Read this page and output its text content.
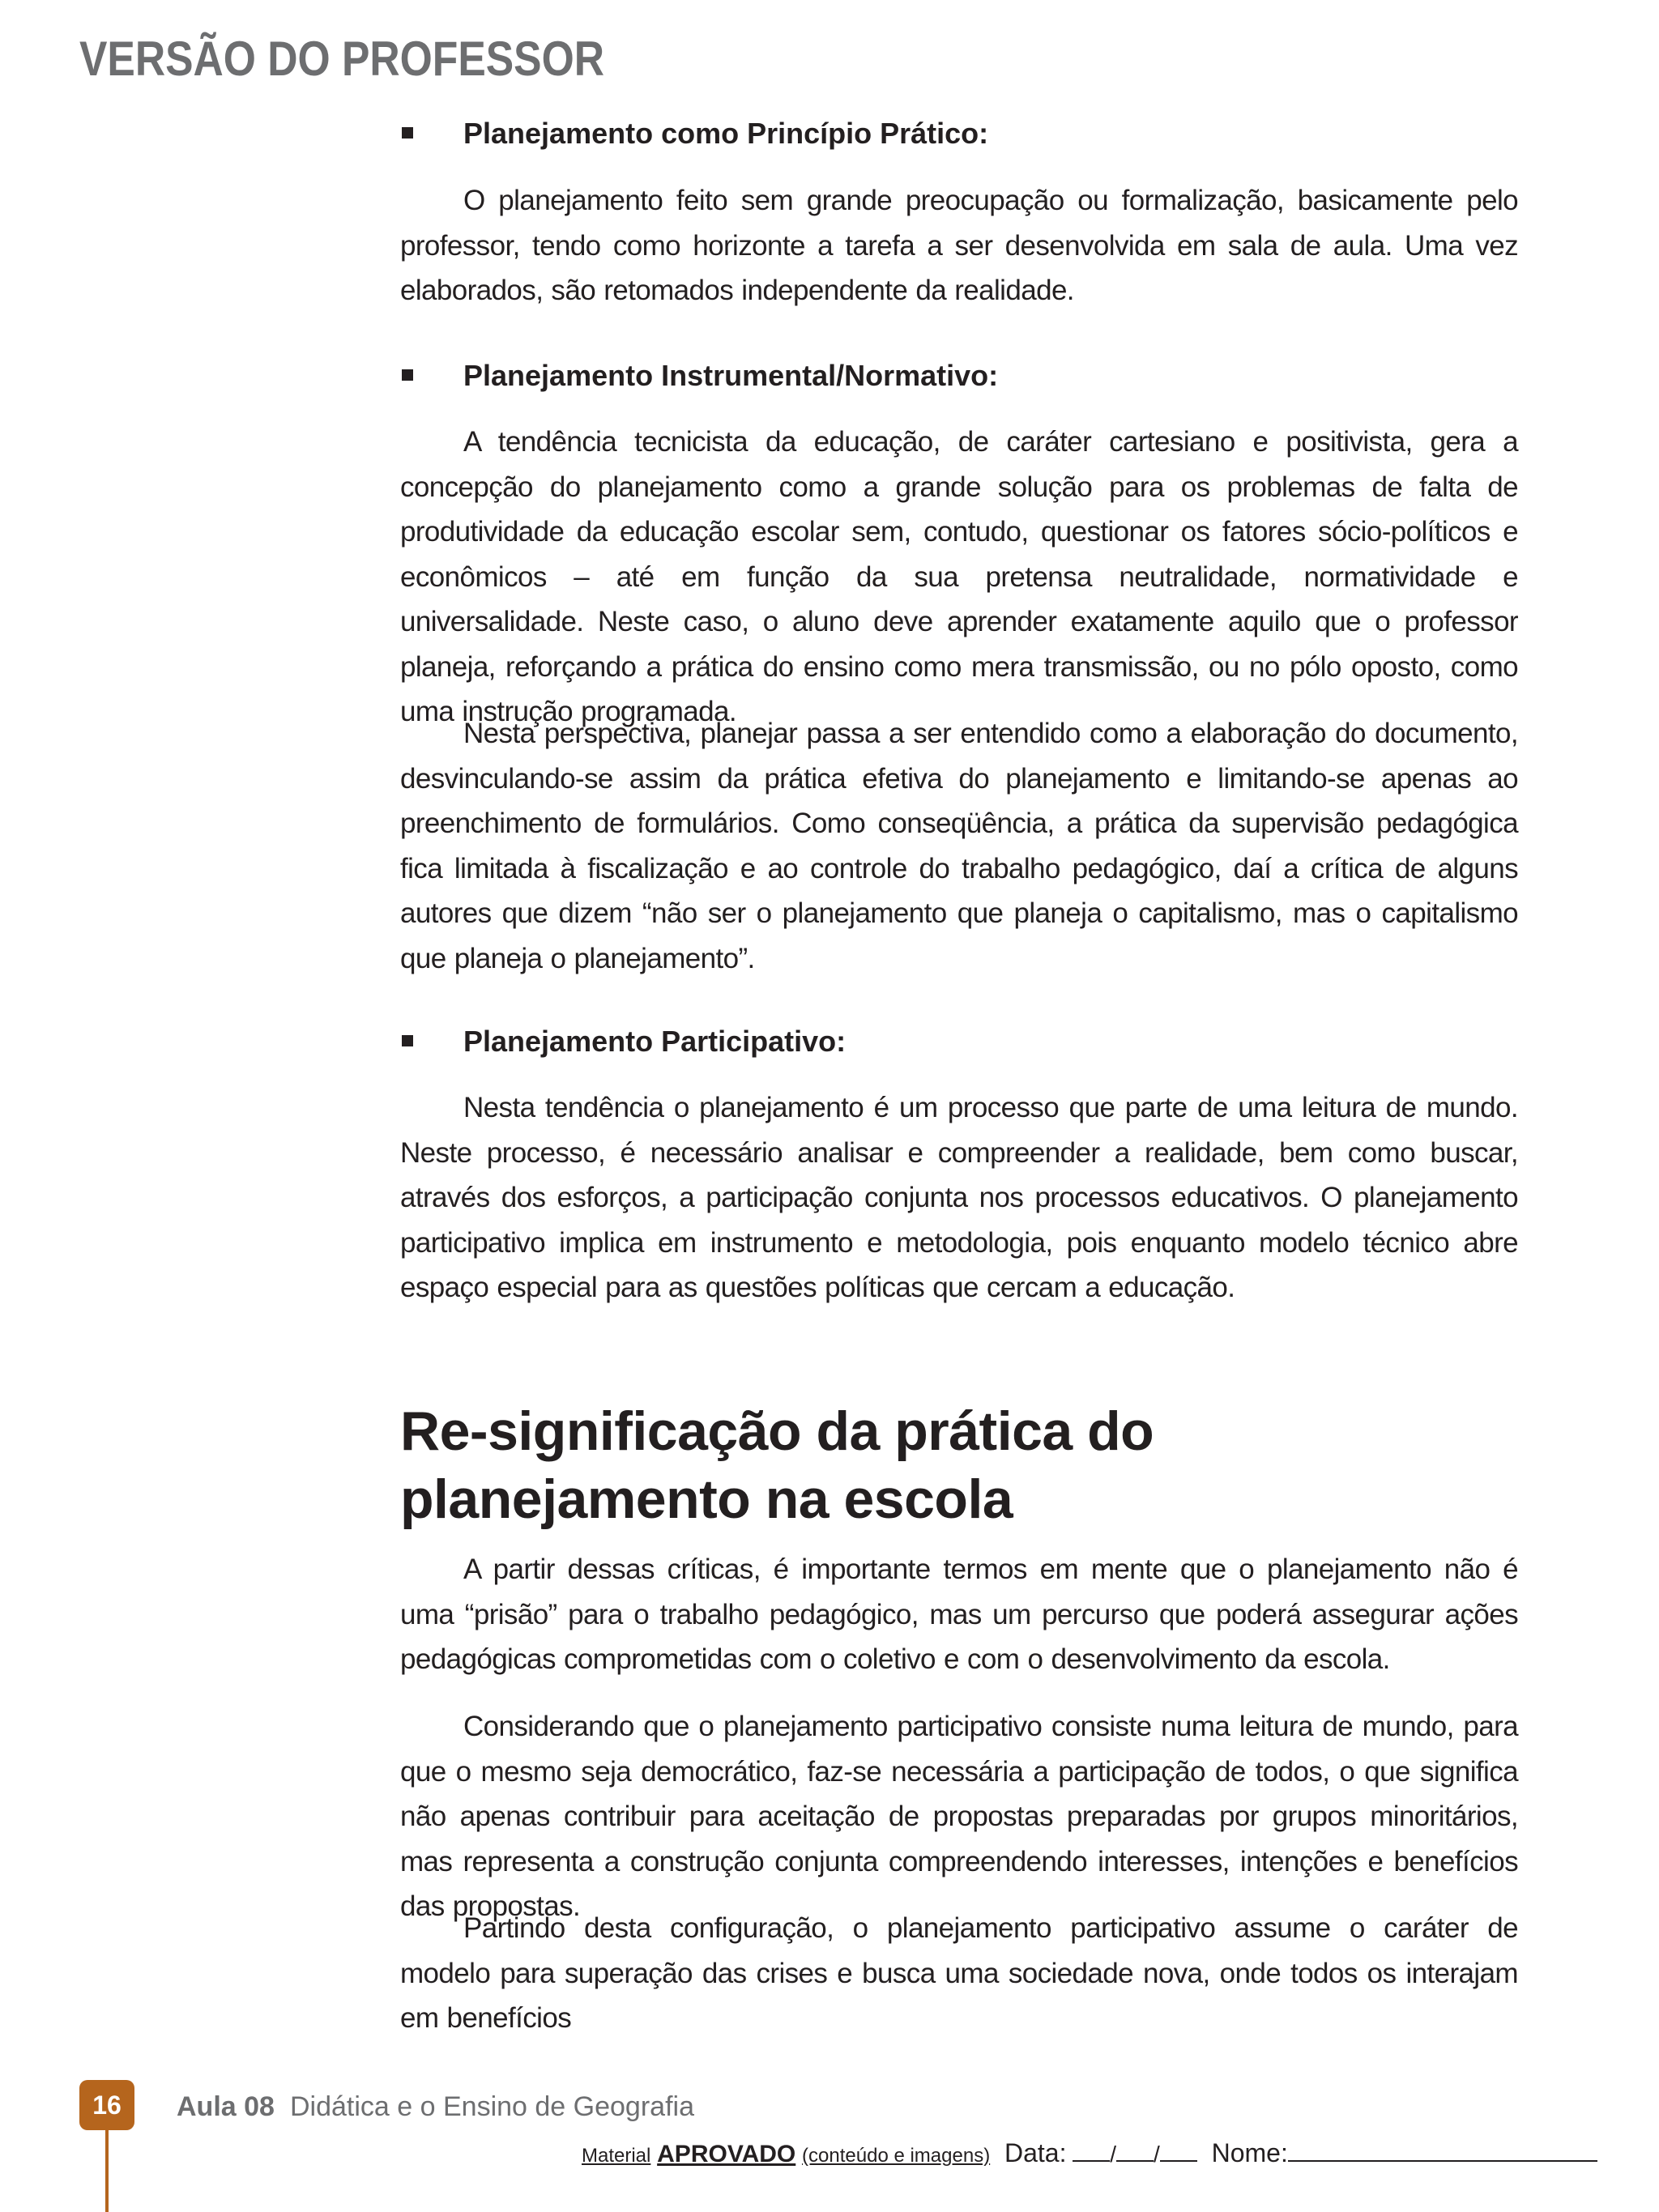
VERSÃO DO PROFESSOR
Planejamento como Princípio Prático:

O planejamento feito sem grande preocupação ou formalização, basicamente pelo professor, tendo como horizonte a tarefa a ser desenvolvida em sala de aula. Uma vez elaborados, são retomados independente da realidade.

Planejamento Instrumental/Normativo:

A tendência tecnicista da educação, de caráter cartesiano e positivista, gera a concepção do planejamento como a grande solução para os problemas de falta de produtividade da educação escolar sem, contudo, questionar os fatores sócio-políticos e econômicos – até em função da sua pretensa neutralidade, normatividade e universalidade. Neste caso, o aluno deve aprender exatamente aquilo que o professor planeja, reforçando a prática do ensino como mera transmissão, ou no pólo oposto, como uma instrução programada.

Nesta perspectiva, planejar passa a ser entendido como a elaboração do documento, desvinculando-se assim da prática efetiva do planejamento e limitando-se apenas ao preenchimento de formulários. Como conseqüência, a prática da supervisão pedagógica fica limitada à fiscalização e ao controle do trabalho pedagógico, daí a crítica de alguns autores que dizem “não ser o planejamento que planeja o capitalismo, mas o capitalismo que planeja o planejamento”.

Planejamento Participativo:

Nesta tendência o planejamento é um processo que parte de uma leitura de mundo. Neste processo, é necessário analisar e compreender a realidade, bem como buscar, através dos esforços, a participação conjunta nos processos educativos. O planejamento participativo implica em instrumento e metodologia, pois enquanto modelo técnico abre espaço especial para as questões políticas que cercam a educação.

Re-significação da prática do
planejamento na escola

A partir dessas críticas, é importante termos em mente que o planejamento não é uma “prisão” para o trabalho pedagógico, mas um percurso que poderá assegurar ações pedagógicas comprometidas com o coletivo e com o desenvolvimento da escola.

Considerando que o planejamento participativo consiste numa leitura de mundo, para que o mesmo seja democrático, faz-se necessária a participação de todos, o que significa não apenas contribuir para aceitação de propostas preparadas por grupos minoritários, mas representa a construção conjunta compreendendo interesses, intenções e benefícios das propostas.

Partindo desta configuração, o planejamento participativo assume o caráter de modelo para superação das crises e busca uma sociedade nova, onde todos os interajam em benefícios

16	Aula 08 Didática e o Ensino de Geografia
Material APROVADO (conteúdo e imagens) Data: / / Nome:
